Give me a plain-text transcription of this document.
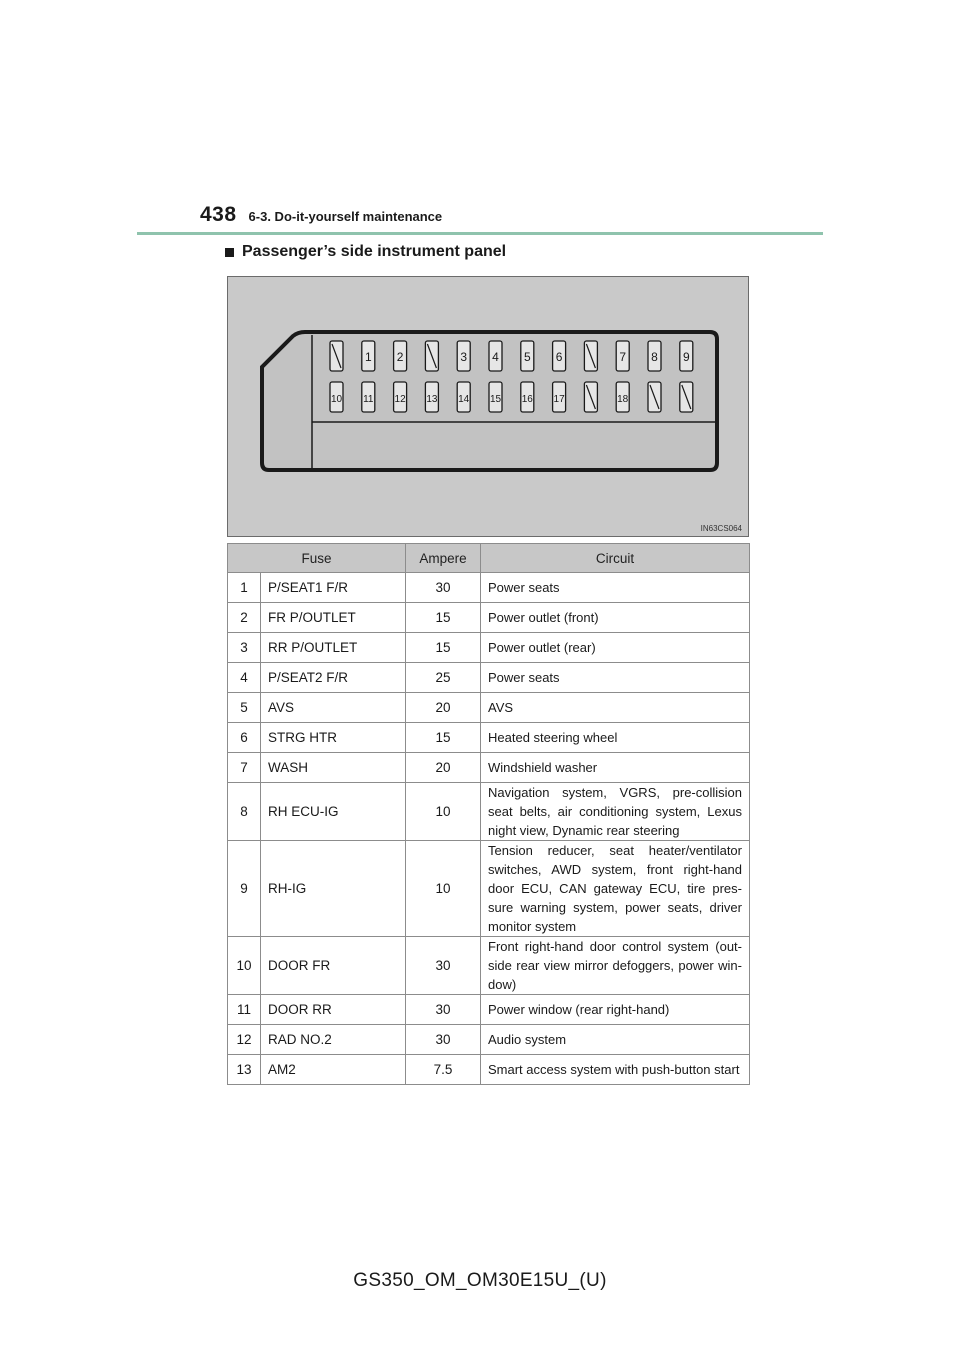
438 6-3. Do-it-yourself maintenance
Passenger’s side instrument panel
1 2	3 4 5 6	7 8 9
10 11 12 13 14 15 16 17	18
IN63CS064
Fuse		Ampere	Circuit
1	P/SEAT1 F/R	30	Power seats
2	FR P/OUTLET	15	Power outlet (front)
3	RR P/OUTLET	15	Power outlet (rear)
4	P/SEAT2 F/R	25	Power seats
5	AVS	20	AVS
6	STRG HTR	15	Heated steering wheel
7	WASH	20	Windshield washer
8	RH ECU-IG	10	Navigation system, VGRS, pre-collision seat belts, air conditioning system, Lexus night view, Dynamic rear steering
9	RH-IG	10	Tension reducer, seat heater/ventilator switches, AWD system, front right-hand door ECU, CAN gateway ECU, tire pres-sure warning system, power seats, driver monitor system
10	DOOR FR	30	Front right-hand door control system (out-side rear view mirror defoggers, power win-dow)
11	DOOR RR	30	Power window (rear right-hand)
12	RAD NO.2	30	Audio system
13	AM2	7.5	Smart access system with push-button start
GS350_OM_OM30E15U_(U)
